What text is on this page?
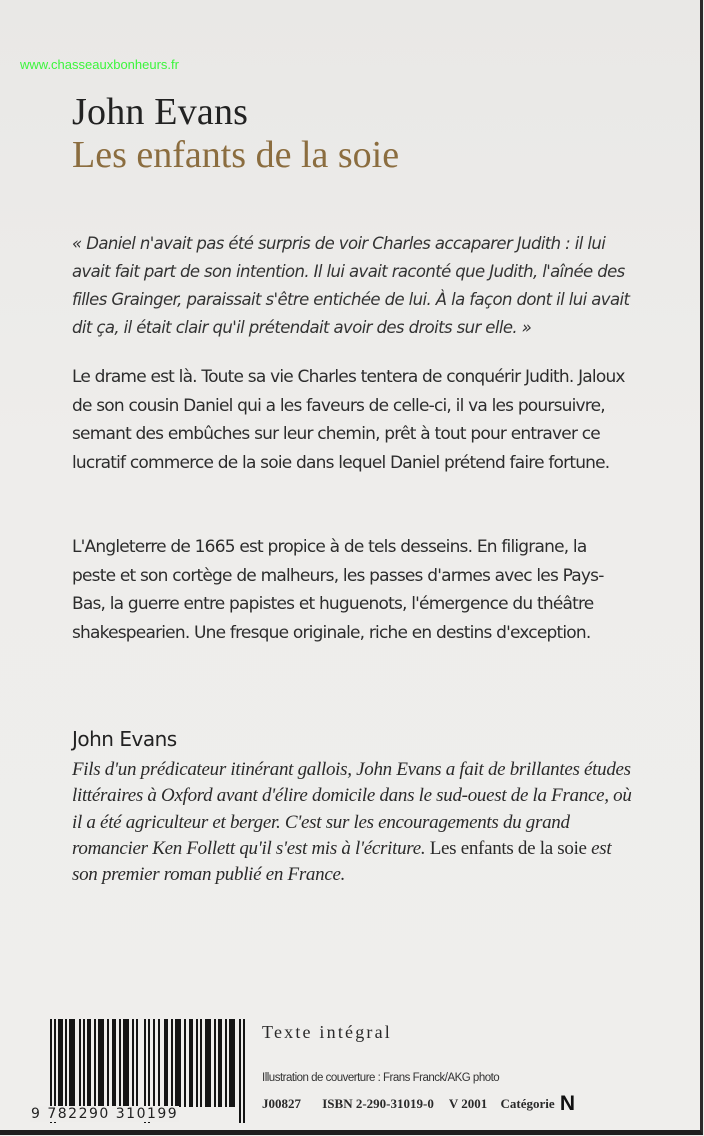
www.chasseauxbonheurs.fr
John Evans
Les enfants de la soie
« Daniel n'avait pas été surpris de voir Charles accaparer Judith : il lui avait fait part de son intention. Il lui avait raconté que Judith, l'aînée des filles Grainger, paraissait s'être entichée de lui. À la façon dont il lui avait dit ça, il était clair qu'il prétendait avoir des droits sur elle. »
Le drame est là. Toute sa vie Charles tentera de conquérir Judith. Jaloux de son cousin Daniel qui a les faveurs de celle-ci, il va les poursuivre, semant des embûches sur leur chemin, prêt à tout pour entraver ce lucratif commerce de la soie dans lequel Daniel prétend faire fortune.
L'Angleterre de 1665 est propice à de tels desseins. En filigrane, la peste et son cortège de malheurs, les passes d'armes avec les Pays-Bas, la guerre entre papistes et huguenots, l'émergence du théâtre shakespearien. Une fresque originale, riche en destins d'exception.
John Evans
Fils d'un prédicateur itinérant gallois, John Evans a fait de brillantes études littéraires à Oxford avant d'élire domicile dans le sud-ouest de la France, où il a été agriculteur et berger. C'est sur les encouragements du grand romancier Ken Follett qu'il s'est mis à l'écriture. Les enfants de la soie est son premier roman publié en France.
9 782290 310199
Texte intégral
Illustration de couverture : Frans Franck/AKG photo
J00827 ISBN 2-290-31019-0 V 2001 Catégorie N
